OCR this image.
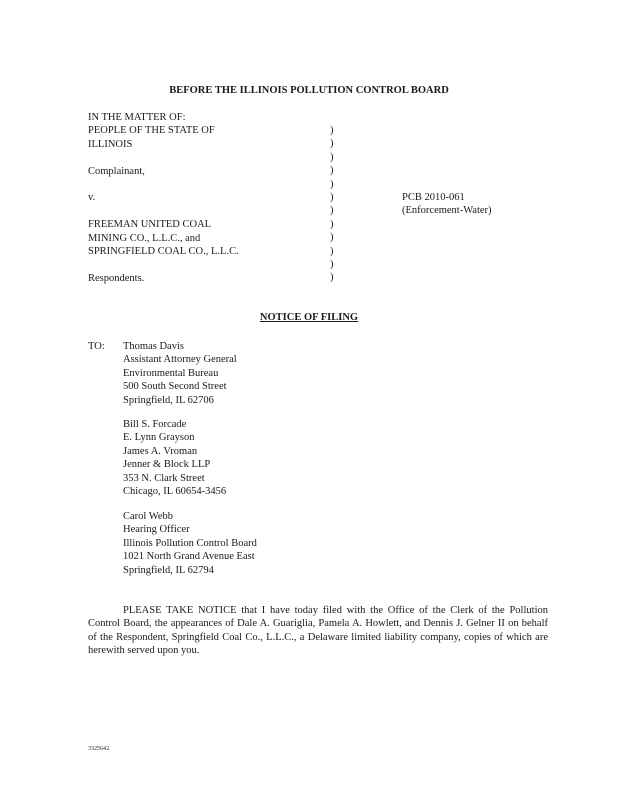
BEFORE THE ILLINOIS POLLUTION CONTROL BOARD
IN THE MATTER OF:
PEOPLE OF THE STATE OF
ILLINOIS
Complainant,
v.
FREEMAN UNITED COAL
MINING CO., L.L.C., and
SPRINGFIELD COAL CO., L.L.C.
Respondents.
)
)
)
)
)
)
)
)
)
)
)
)
PCB 2010-061
(Enforcement-Water)
NOTICE OF FILING
TO: Thomas Davis
Assistant Attorney General
Environmental Bureau
500 South Second Street
Springfield, IL 62706
Bill S. Forcade
E. Lynn Grayson
James A. Vroman
Jenner & Block LLP
353 N. Clark Street
Chicago, IL 60654-3456
Carol Webb
Hearing Officer
Illinois Pollution Control Board
1021 North Grand Avenue East
Springfield, IL 62794
PLEASE TAKE NOTICE that I have today filed with the Office of the Clerk of the Pollution Control Board, the appearances of Dale A. Guariglia, Pamela A. Howlett, and Dennis J. Gelner II on behalf of the Respondent, Springfield Coal Co., L.L.C., a Delaware limited liability company, copies of which are herewith served upon you.
3325642.
